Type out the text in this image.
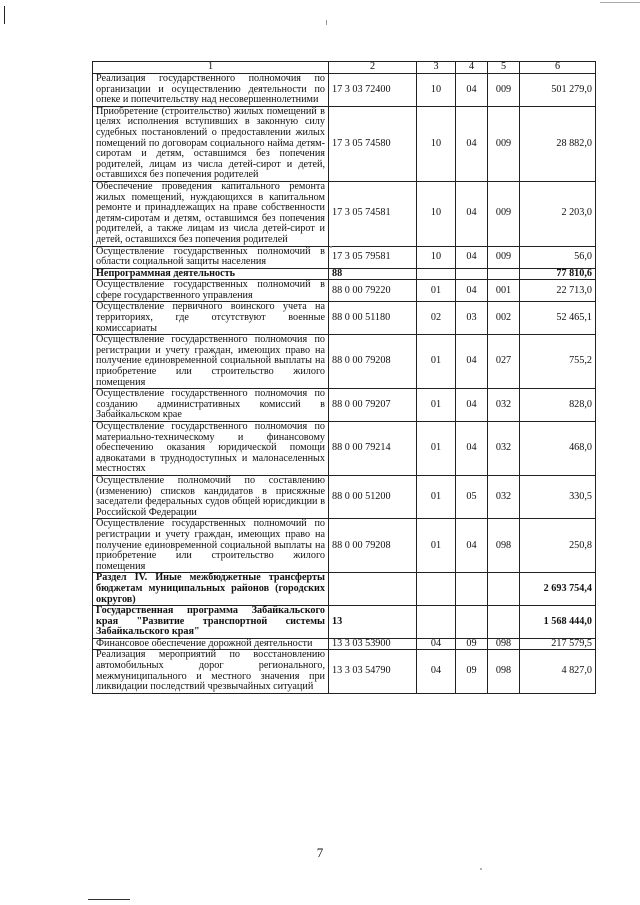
1	2	3	4	5	6
Реализация государственного полномочия по организации и осуществлению деятельности по опеке и попечительству над несовершеннолетними	17 3 03 72400	10	04	009	501 279,0
Приобретение (строительство) жилых помещений в целях исполнения вступивших в законную силу судебных постановлений о предоставлении жилых помещений по договорам социального найма детям-сиротам и детям, оставшимся без попечения родителей, лицам из числа детей-сирот и детей, оставшихся без попечения родителей	17 3 05 74580	10	04	009	28 882,0
Обеспечение проведения капитального ремонта жилых помещений, нуждающихся в капитальном ремонте и принадлежащих на праве собственности детям-сиротам и детям, оставшимся без попечения родителей, а также лицам из числа детей-сирот и детей, оставшихся без попечения родителей	17 3 05 74581	10	04	009	2 203,0
Осуществление государственных полномочий в области социальной защиты населения	17 3 05 79581	10	04	009	56,0
Непрограммная деятельность	88				77 810,6
Осуществление государственных полномочий в сфере государственного управления	88 0 00 79220	01	04	001	22 713,0
Осуществление первичного воинского учета на территориях, где отсутствуют военные комиссариаты	88 0 00 51180	02	03	002	52 465,1
Осуществление государственного полномочия по регистрации и учету граждан, имеющих право на получение единовременной социальной выплаты на приобретение или строительство жилого помещения	88 0 00 79208	01	04	027	755,2
Осуществление государственного полномочия по созданию административных комиссий в Забайкальском крае	88 0 00 79207	01	04	032	828,0
Осуществление государственного полномочия по материально-техническому и финансовому обеспечению оказания юридической помощи адвокатами в труднодоступных и малонаселенных местностях	88 0 00 79214	01	04	032	468,0
Осуществление полномочий по составлению (изменению) списков кандидатов в присяжные заседатели федеральных судов общей юрисдикции в Российской Федерации	88 0 00 51200	01	05	032	330,5
Осуществление государственных полномочий по регистрации и учету граждан, имеющих право на получение единовременной социальной выплаты на приобретение или строительство жилого помещения	88 0 00 79208	01	04	098	250,8
Раздел IV. Иные межбюджетные трансферты бюджетам муниципальных районов (городских округов)					2 693 754,4
Государственная программа Забайкальского края "Развитие транспортной системы Забайкальского края"	13				1 568 444,0
Финансовое обеспечение дорожной деятельности	13 3 03 53900	04	09	098	217 579,5
Реализация мероприятий по восстановлению автомобильных дорог регионального, межмуниципального и местного значения при ликвидации последствий чрезвычайных ситуаций	13 3 03 54790	04	09	098	4 827,0
7
